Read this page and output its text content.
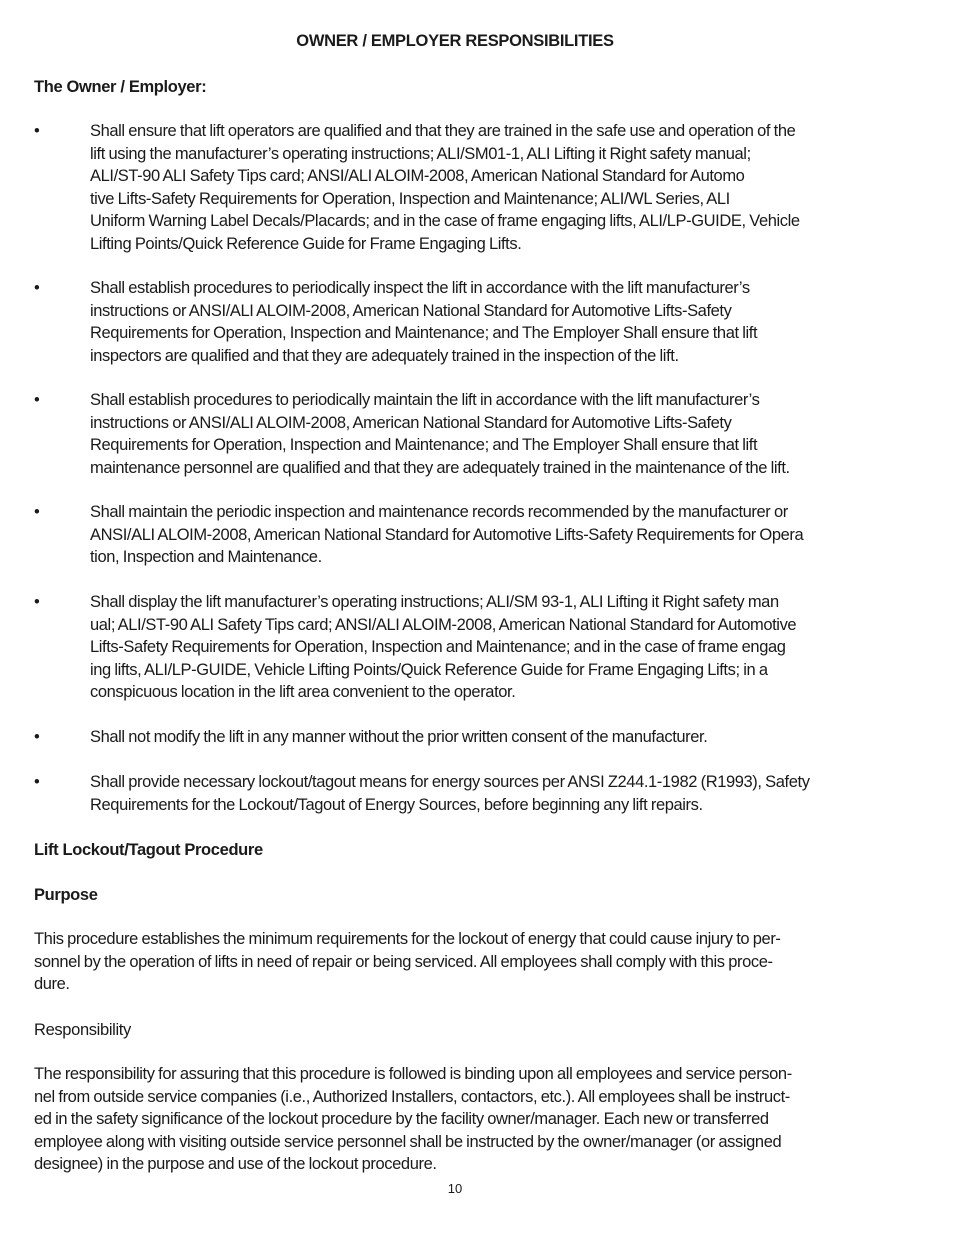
OWNER / EMPLOYER RESPONSIBILITIES
The Owner / Employer:
•	Shall ensure that lift operators are qualified and that they are trained in the safe use and operation of the
lift using the manufacturer’s operating instructions; ALI/SM01-1, ALI Lifting it Right safety manual;
ALI/ST-90 ALI Safety Tips card; ANSI/ALI ALOIM-2008, American National Standard for Automo
tive Lifts-Safety Requirements for Operation, Inspection and Maintenance; ALI/WL Series, ALI
Uniform Warning Label Decals/Placards; and in the case of frame engaging lifts, ALI/LP-GUIDE, Vehicle
Lifting Points/Quick Reference Guide for Frame Engaging Lifts.
•	Shall establish procedures to periodically inspect the lift in accordance with the lift manufacturer’s
instructions or ANSI/ALI ALOIM-2008, American National Standard for Automotive Lifts-Safety
Requirements for Operation, Inspection and Maintenance; and The Employer Shall ensure that lift
inspectors are qualified and that they are adequately trained in the inspection of the lift.
•	Shall establish procedures to periodically maintain the lift in accordance with the lift manufacturer’s
instructions or ANSI/ALI ALOIM-2008, American National Standard for Automotive Lifts-Safety
Requirements for Operation, Inspection and Maintenance; and The Employer Shall ensure that lift
maintenance personnel are qualified and that they are adequately trained in the maintenance of the lift.
•	Shall maintain the periodic inspection and maintenance records recommended by the manufacturer or
ANSI/ALI ALOIM-2008, American National Standard for Automotive Lifts-Safety Requirements for Opera
tion, Inspection and Maintenance.
•	Shall display the lift manufacturer’s operating instructions; ALI/SM 93-1, ALI Lifting it Right safety man
ual; ALI/ST-90 ALI Safety Tips card; ANSI/ALI ALOIM-2008, American National Standard for Automotive
Lifts-Safety Requirements for Operation, Inspection and Maintenance; and in the case of frame engag
ing lifts, ALI/LP-GUIDE, Vehicle Lifting Points/Quick Reference Guide for Frame Engaging Lifts; in a
conspicuous location in the lift area convenient to the operator.
•	Shall not modify the lift in any manner without the prior written consent of the manufacturer.
•	Shall provide necessary lockout/tagout means for energy sources per ANSI Z244.1-1982 (R1993), Safety
Requirements for the Lockout/Tagout of Energy Sources, before beginning any lift repairs.
Lift Lockout/Tagout Procedure
Purpose
This procedure establishes the minimum requirements for the lockout of energy that could cause injury to per-
sonnel by the operation of lifts in need of repair or being serviced. All employees shall comply with this proce-
dure.
Responsibility
The responsibility for assuring that this procedure is followed is binding upon all employees and service person-
nel from outside service companies (i.e., Authorized Installers, contactors, etc.). All employees shall be instruct-
ed in the safety significance of the lockout procedure by the facility owner/manager. Each new or transferred
employee along with visiting outside service personnel shall be instructed by the owner/manager (or assigned
designee) in the purpose and use of the lockout procedure.
10
